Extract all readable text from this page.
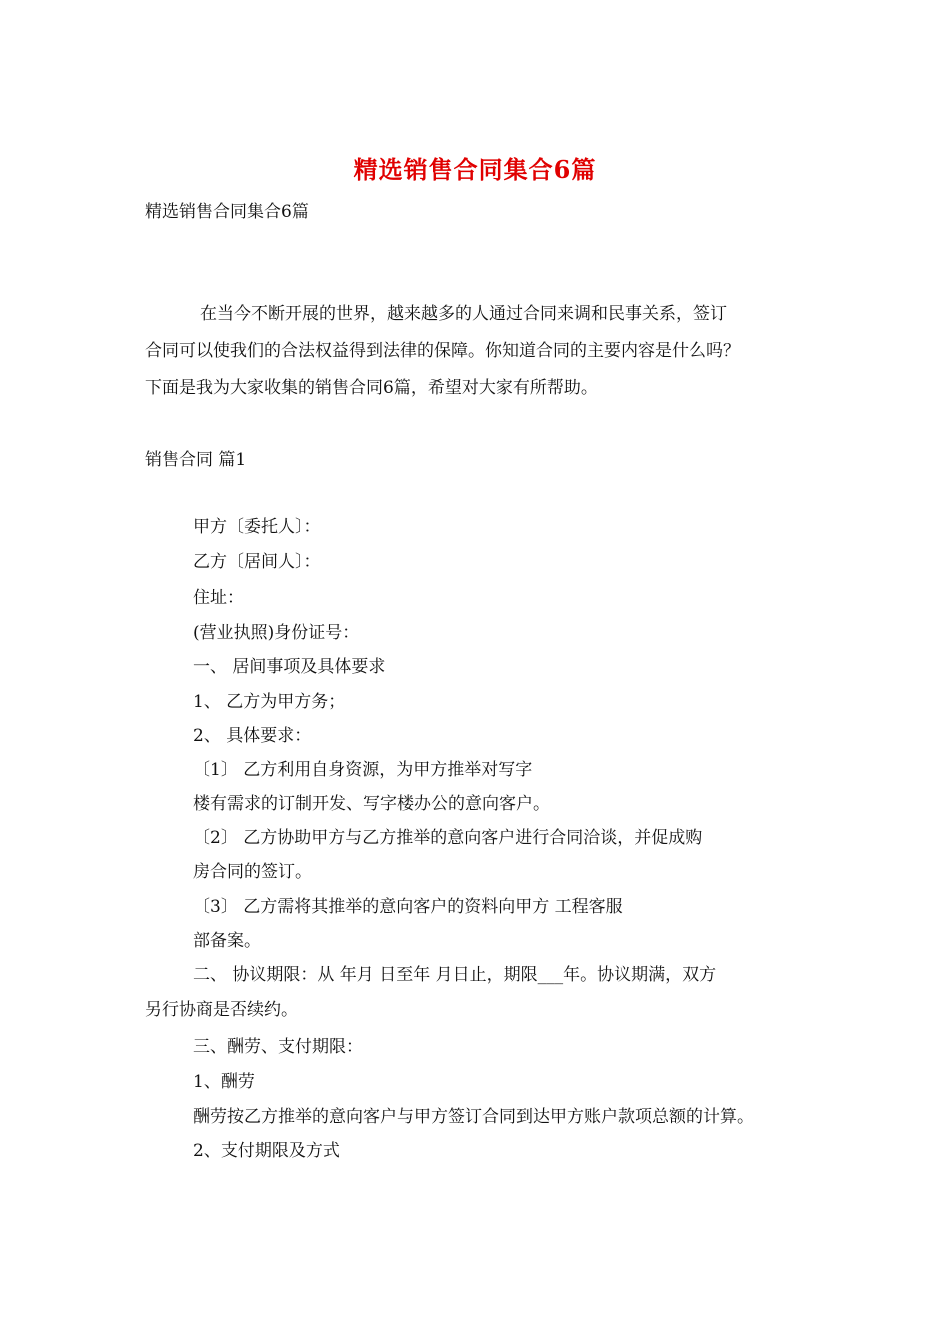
精选销售合同集合6篇
精选销售合同集合6篇
在当今不断开展的世界，越来越多的人通过合同来调和民事关系，签订
合同可以使我们的合法权益得到法律的保障。你知道合同的主要内容是什么吗？
下面是我为大家收集的销售合同6篇，希望对大家有所帮助。
销售合同 篇1
甲方〔委托人〕：
乙方〔居间人〕：
住址：
(营业执照)身份证号：
一、 居间事项及具体要求
1、 乙方为甲方务；
2、 具体要求：
〔1〕 乙方利用自身资源，为甲方推举对写字
楼有需求的订制开发、写字楼办公的意向客户。
〔2〕 乙方协助甲方与乙方推举的意向客户进行合同洽谈，并促成购
房合同的签订。
〔3〕 乙方需将其推举的意向客户的资料向甲方 工程客服
部备案。
二、 协议期限：从 年月 日至年 月日止，期限___年。协议期满，双方
另行协商是否续约。
三、酬劳、支付期限：
1、酬劳
酬劳按乙方推举的意向客户与甲方签订合同到达甲方账户款项总额的计算。
2、支付期限及方式
